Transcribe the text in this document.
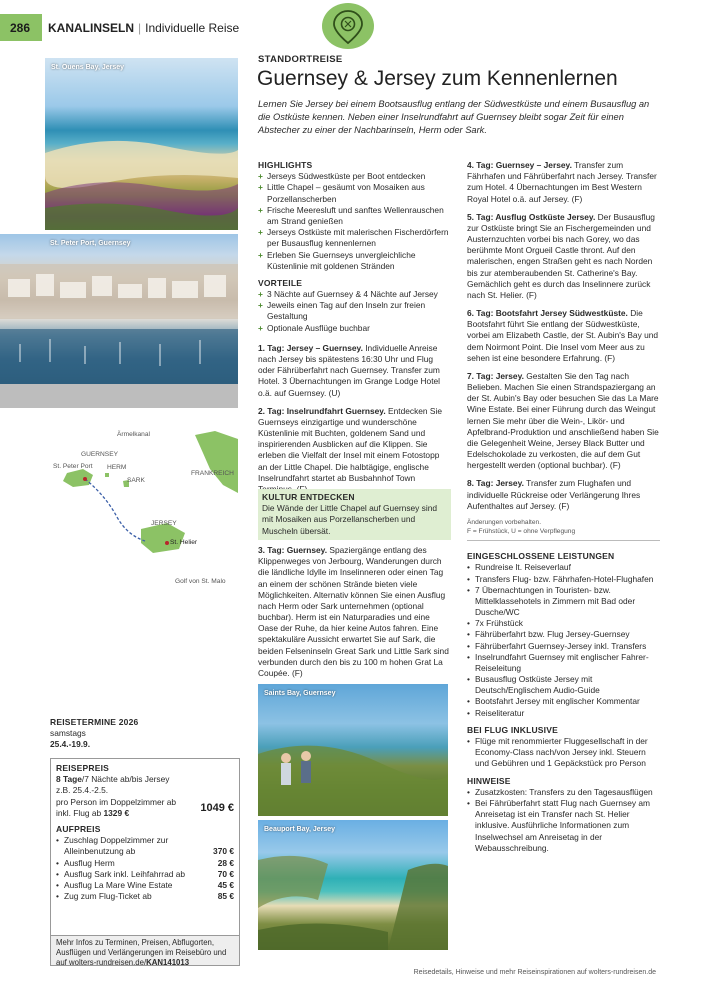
286	KANALINSELN | Individuelle Reise
STANDORTREISE
Guernsey & Jersey zum Kennenlernen
Lernen Sie Jersey bei einem Bootsausflug entlang der Südwestküste und einem Busausflug an die Ostküste kennen. Neben einer Inselrundfahrt auf Guernsey bleibt sogar Zeit für einen Abstecher zu einer der Nachbarinseln, Herm oder Sark.
St. Ouens Bay, Jersey
St. Peter Port, Guernsey
Ärmelkanal
GUERNSEY
St. Peter Port HERM
SARK
FRANKREICH
JERSEY
St. Helier
Golf von St. Malo
REISETERMINE 2026
samstags
25.4.-19.9.
REISEPREIS
8 Tage/7 Nächte ab/bis Jersey
z.B. 25.4.-2.5.
pro Person im Doppelzimmer ab
inkl. Flug ab 1329 €	1049 €
AUFPREIS
• Zuschlag Doppelzimmer zur Alleinbenutzung ab	370 €
• Ausflug Herm	28 €
• Ausflug Sark inkl. Leihfahrrad ab	70 €
• Ausflug La Mare Wine Estate	45 €
• Zug zum Flug-Ticket ab	85 €
Mehr Infos zu Terminen, Preisen, Abflugorten, Ausflügen und Verlängerungen im Reisebüro und auf wolters-rundreisen.de/KAN141013
HIGHLIGHTS
+ Jerseys Südwestküste per Boot entdecken
+ Little Chapel – gesäumt von Mosaiken aus Porzellanscherben
+ Frische Meeresluft und sanftes Wellenrauschen am Strand genießen
+ Jerseys Ostküste mit malerischen Fischerdörfern per Busausflug kennenlernen
+ Erleben Sie Guernseys unvergleichliche Küstenlinie mit goldenen Stränden
VORTEILE
+ 3 Nächte auf Guernsey & 4 Nächte auf Jersey
+ Jeweils einen Tag auf den Inseln zur freien Gestaltung
+ Optionale Ausflüge buchbar

1. Tag: Jersey – Guernsey. Individuelle Anreise nach Jersey bis spätestens 16:30 Uhr und Flug oder Fährüberfahrt nach Guernsey. Transfer zum Hotel. 3 Übernachtungen im Grange Lodge Hotel o.ä. auf Guernsey. (U)

2. Tag: Inselrundfahrt Guernsey. Entdecken Sie Guernseys einzigartige und wunderschöne Küstenlinie mit Buchten, goldenem Sand und inspirierenden Ausblicken auf die Klippen. Sie erleben die Vielfalt der Insel mit einem Fotostopp an der Little Chapel. Die halbtägige, englische Inselrundfahrt startet ab Busbahnhof Town

KULTUR ENTDECKEN
Die Wände der Little Chapel auf Guernsey sind mit Mosaiken aus Porzellanscherben und Muscheln übersät.

3. Tag: Guernsey. Spaziergänge entlang des Klippenweges von Jerbourg, Wanderungen durch die ländliche Idylle im Inselinneren oder einen Tag an einem der schönen Strände bieten viele Möglichkeiten. Alternativ können Sie einen Ausflug nach Herm oder Sark unternehmen (optional buchbar). Herm ist ein Naturparadies und eine Oase der Ruhe, da hier keine Autos fahren. Eine spektakuläre Aussicht erwartet Sie auf Sark, die beiden Felseninseln Great Sark und Little Sark sind verbunden durch den bis zu 100 m hohen Grat La Coupée. (F)

Saints Bay, Guernsey
Beauport Bay, Jersey

4. Tag: Guernsey – Jersey. Transfer zum Fährhafen und Fährüberfahrt nach Jersey. Transfer zum Hotel. 4 Übernachtungen im Best Western Royal Hotel o.ä. auf Jersey. (F)

5. Tag: Ausflug Ostküste Jersey. Der Busausflug zur Ostküste bringt Sie an Fischergemeinden und Austernzuchten vorbei bis nach Gorey, wo das berühmte Mont Orgueil Castle thront. Auf den malerischen, engen Straßen geht es nach Norden bis zur atemberaubenden St. Catherine's Bay. Gemächlich geht es durch das Inselinnere zurück nach St. Helier. (F)

6. Tag: Bootsfahrt Jersey Südwestküste. Die Bootsfahrt führt Sie entlang der Südwestküste, vorbei am Elizabeth Castle, der St. Aubin's Bay und dem Noirmont Point. Die Insel vom Meer aus zu sehen ist eine besondere Erfahrung. (F)

7. Tag: Jersey. Gestalten Sie den Tag nach Belieben. Machen Sie einen Strandspaziergang an der St. Aubin's Bay oder besuchen Sie das La Mare Wine Estate. Bei einer Führung durch das Weingut lernen Sie mehr über die Wein-, Likör- und Apfelbrand-Produktion und anschließend haben Sie die Gelegenheit Weine, Jersey Black Butter und Edelschokolade zu verkosten, die auf dem Gut hergestellt werden (optional buchbar). (F)

8. Tag: Jersey. Transfer zum Flughafen und individuelle Rückreise oder Verlängerung Ihres Aufenthaltes auf Jersey. (F)

Änderungen vorbehalten.
F = Frühstück, U = ohne Verpflegung
EINGESCHLOSSENE LEISTUNGEN
• Rundreise lt. Reiseverlauf
• Transfers Flug- bzw. Fährhafen-Hotel-Flughafen
• 7 Übernachtungen in Touristen- bzw. Mittelklassehotels in Zimmern mit Bad oder Dusche/WC
• 7x Frühstück
• Fährüberfahrt bzw. Flug Jersey-Guernsey
• Fährüberfahrt Guernsey-Jersey inkl. Transfers
• Inselrundfahrt Guernsey mit englischer Fahrer-Reiseleitung
• Busausflug Ostküste Jersey mit Deutsch/Englischem Audio-Guide
• Bootsfahrt Jersey mit englischer Kommentar
• Reiseliteratur
BEI FLUG INKLUSIVE
• Flüge mit renommierter Fluggesellschaft in der Economy-Class nach/von Jersey inkl. Steuern und Gebühren und 1 Gepäckstück pro Person
HINWEISE
• Zusatzkosten: Transfers zu den Tagesausflügen
• Bei Fährüberfahrt statt Flug nach Guernsey am Anreisetag ist ein Transfer nach St. Helier inklusive. Ausführliche Informationen zum Inselwechsel am Anreisetag in der Webausschreibung.
Reisedetails, Hinweise und mehr Reiseinspirationen auf wolters-rundreisen.de
